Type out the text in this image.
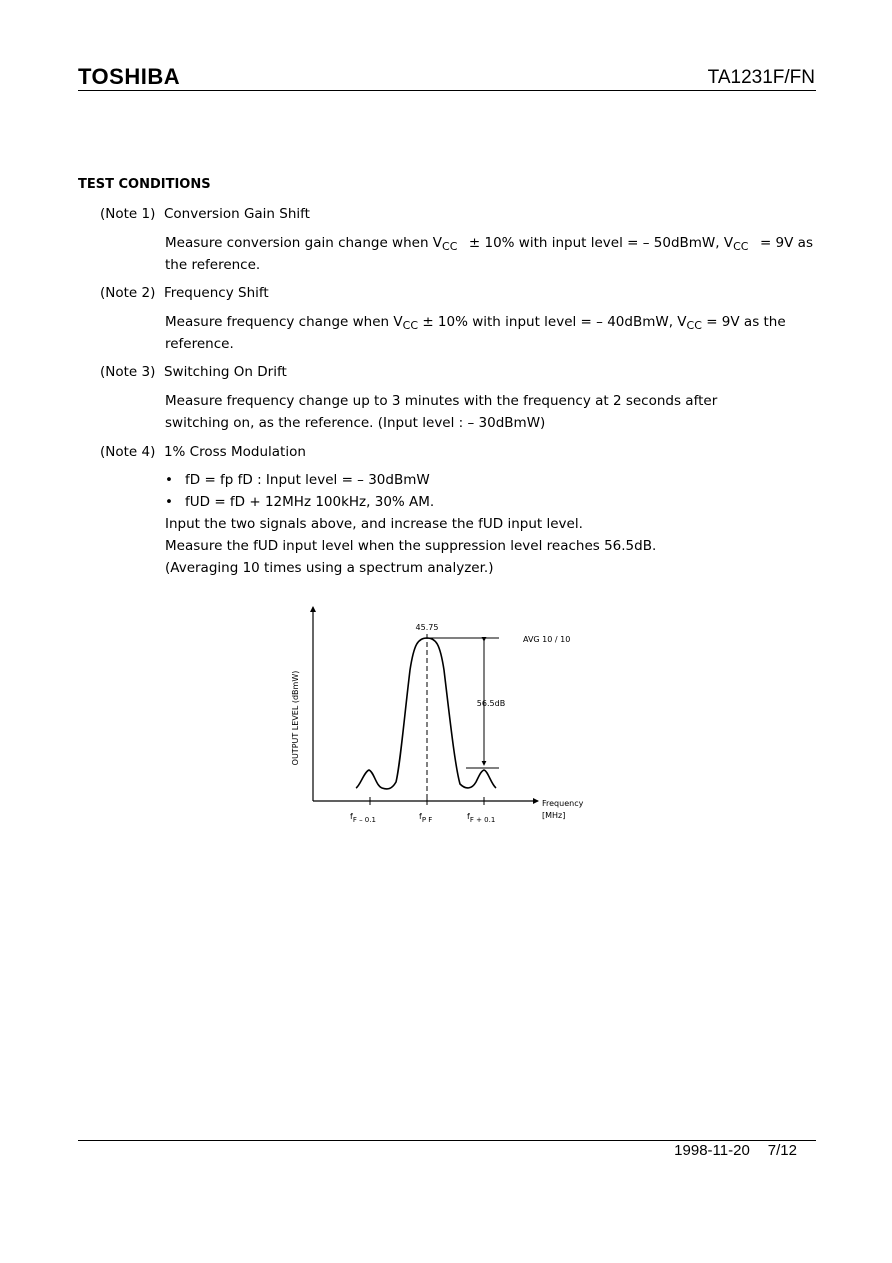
TOSHIBA	TA1231F/FN
TEST CONDITIONS
(Note 1) Conversion Gain Shift
Measure conversion gain change when $V_{CC} \pm 10\%$ with input level = – 50dBmW, $V_{CC} = 9V$ as
the reference.
(Note 2) Frequency Shift
Measure frequency change when $V_{CC} \pm 10\%$ with input level = – 40dBmW, $V_{CC} = 9V$ as the
reference.
(Note 3) Switching On Drift
Measure frequency change up to 3 minutes with the frequency at 2 seconds after
switching on, as the reference. (Input level : – 30dBmW)
(Note 4) 1% Cross Modulation
• fD = fp fD : Input level = – 30dBmW
• fUD = fD + 12MHz 100kHz, 30% AM.
Input the two signals above, and increase the fUD input level.
Measure the fUD input level when the suppression level reaches 56.5dB.
(Averaging 10 times using a spectrum analyzer.)
45.75
AVG 10 / 10
56.5dB
OUTPUT LEVEL (dBmW)
Frequency
[MHz]
fF – 0.1	fP F	fF + 0.1
1998-11-20 7/12
